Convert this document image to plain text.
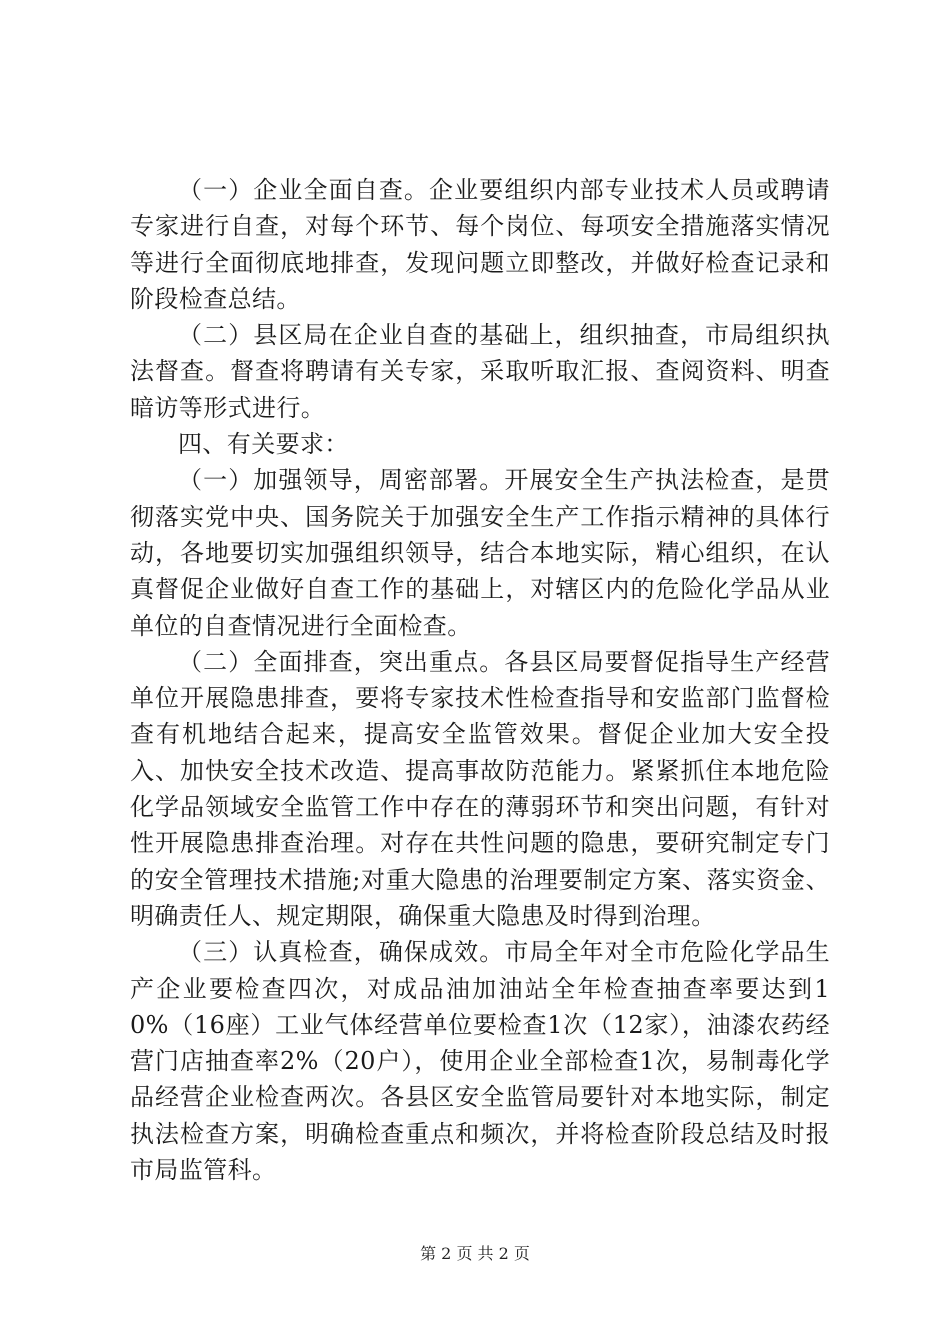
（一）企业全面自查。企业要组织内部专业技术人员或聘请专家进行自查，对每个环节、每个岗位、每项安全措施落实情况等进行全面彻底地排查，发现问题立即整改，并做好检查记录和阶段检查总结。

（二）县区局在企业自查的基础上，组织抽查，市局组织执法督查。督查将聘请有关专家，采取听取汇报、查阅资料、明查暗访等形式进行。

四、有关要求：

（一）加强领导，周密部署。开展安全生产执法检查，是贯彻落实党中央、国务院关于加强安全生产工作指示精神的具体行动，各地要切实加强组织领导，结合本地实际，精心组织，在认真督促企业做好自查工作的基础上，对辖区内的危险化学品从业单位的自查情况进行全面检查。

（二）全面排查，突出重点。各县区局要督促指导生产经营单位开展隐患排查，要将专家技术性检查指导和安监部门监督检查有机地结合起来，提高安全监管效果。督促企业加大安全投入、加快安全技术改造、提高事故防范能力。紧紧抓住本地危险化学品领域安全监管工作中存在的薄弱环节和突出问题，有针对性开展隐患排查治理。对存在共性问题的隐患，要研究制定专门的安全管理技术措施;对重大隐患的治理要制定方案、落实资金、明确责任人、规定期限，确保重大隐患及时得到治理。

（三）认真检查，确保成效。市局全年对全市危险化学品生产企业要检查四次，对成品油加油站全年检查抽查率要达到10%（16座）工业气体经营单位要检查1次（12家），油漆农药经营门店抽查率2%（20户），使用企业全部检查1次，易制毒化学品经营企业检查两次。各县区安全监管局要针对本地实际，制定执法检查方案，明确检查重点和频次，并将检查阶段总结及时报市局监管科。

第 2 页 共 2 页
